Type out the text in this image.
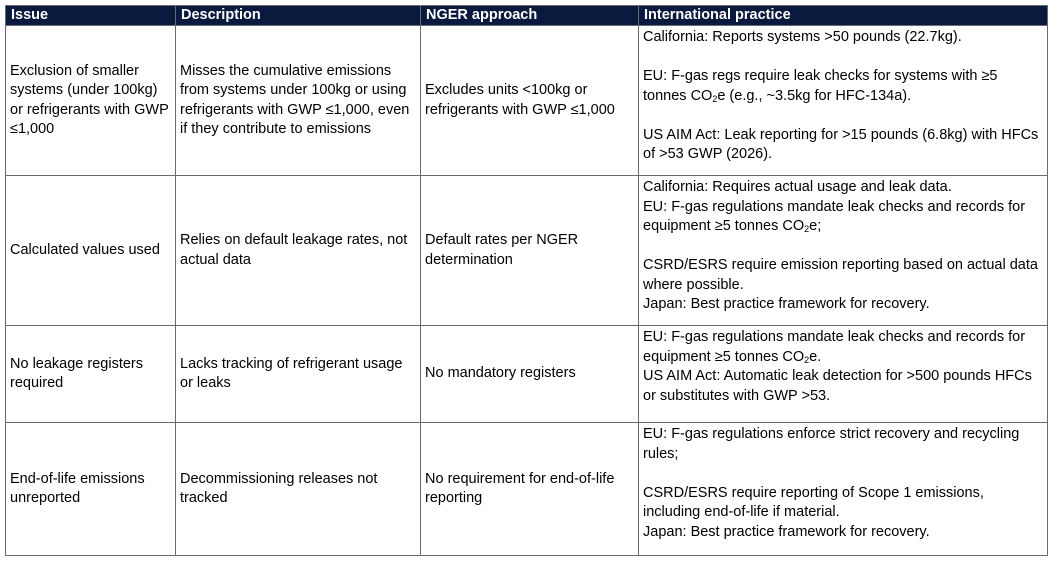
Issue	Description	NGER approach	International practice
Exclusion of smaller systems (under 100kg) or refrigerants with GWP ≤1,000	Misses the cumulative emissions from systems under 100kg or using refrigerants with GWP ≤1,000, even if they contribute to emissions	Excludes units <100kg or refrigerants with GWP ≤1,000	California: Reports systems >50 pounds (22.7kg).

EU: F-gas regs require leak checks for systems with ≥5 tonnes $CO_2e$ (e.g., ~3.5kg for HFC-134a).

US AIM Act: Leak reporting for >15 pounds (6.8kg) with HFCs of >53 GWP (2026).

Calculated values used	Relies on default leakage rates, not actual data	Default rates per NGER determination	California: Requires actual usage and leak data.

EU: F-gas regulations mandate leak checks and records for equipment ≥5 tonnes $CO_2e$;

CSRD/ESRS require emission reporting based on actual data where possible.

Japan: Best practice framework for recovery.

No leakage registers required	Lacks tracking of refrigerant usage or leaks	No mandatory registers	EU: F-gas regulations mandate leak checks and records for equipment ≥5 tonnes $CO_2e$.

US AIM Act: Automatic leak detection for >500 pounds HFCs or substitutes with GWP >53.

End-of-life emissions unreported	Decommissioning releases not tracked	No requirement for end-of-life reporting	EU: F-gas regulations enforce strict recovery and recycling rules;

CSRD/ESRS require reporting of Scope 1 emissions, including end-of-life if material.

Japan: Best practice framework for recovery.
